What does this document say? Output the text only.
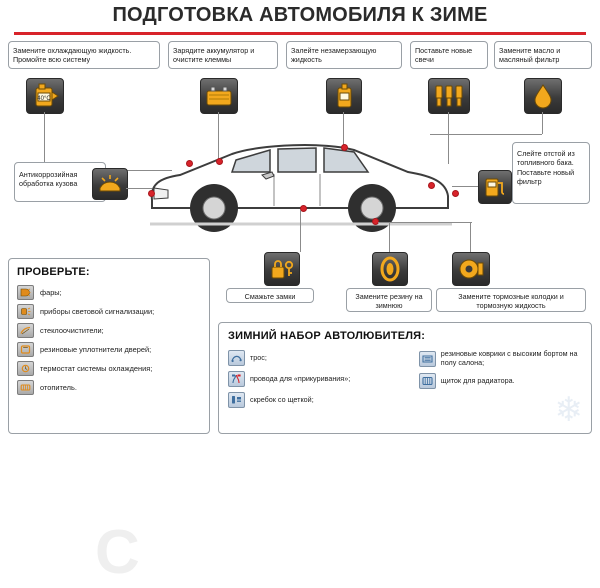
ПОДГОТОВКА АВТОМОБИЛЯ К ЗИМЕ
Замените охлаждающую жидкость. Промойте всю систему
Зарядите аккумулятор и очистите клеммы
Залейте незамерзающую жидкость
Поставьте новые свечи
Замените масло и масляный фильтр
40°C
Антикоррозийная обработка кузова
Слейте отстой из топливного бака. Поставьте новый фильтр
Смажьте замки	Замените резину на зимнюю
Замените тормозные колодки и тормозную жидкость
C
ПРОВЕРЬТЕ:
фары;
приборы световой сигнализации;
стеклоочистители;
резиновые уплотнители дверей;
термостат системы охлаждения;
отопитель.
ЗИМНИЙ НАБОР АВТОЛЮБИТЕЛЯ:
трос;
провода для «прикуривания»;
скребок со щеткой;
резиновые коврики с высоким бортом на полу салона;
щиток для радиатора.
❄
